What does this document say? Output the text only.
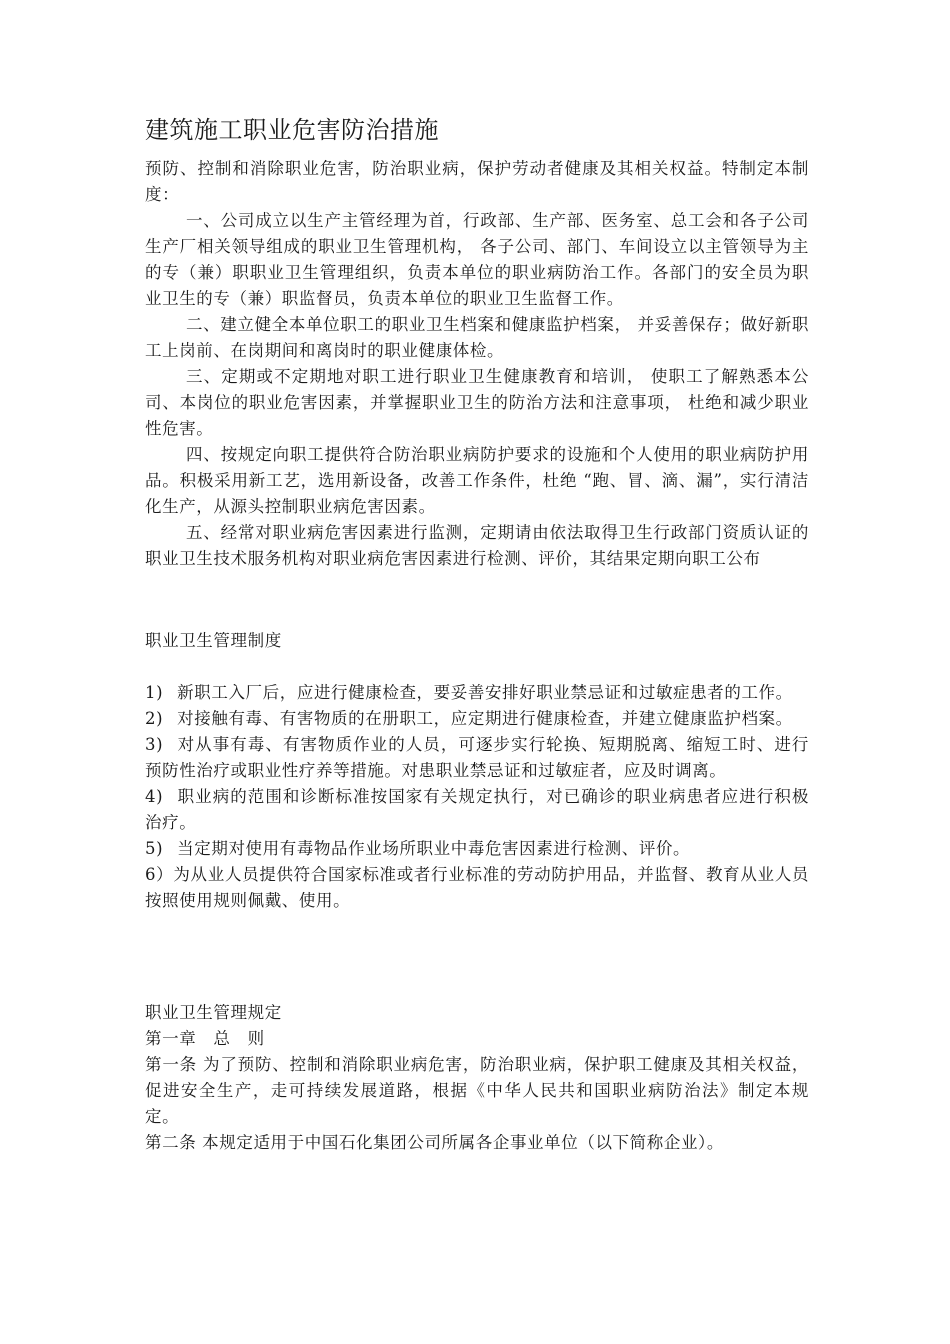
建筑施工职业危害防治措施

预防、控制和消除职业危害，防治职业病，保护劳动者健康及其相关权益。特制定本制度：

一、公司成立以生产主管经理为首，行政部、生产部、医务室、总工会和各子公司生产厂相关领导组成的职业卫生管理机构， 各子公司、部门、车间设立以主管领导为主的专（兼）职职业卫生管理组织，负责本单位的职业病防治工作。各部门的安全员为职业卫生的专（兼）职监督员，负责本单位的职业卫生监督工作。

二、建立健全本单位职工的职业卫生档案和健康监护档案， 并妥善保存；做好新职工上岗前、在岗期间和离岗时的职业健康体检。

三、定期或不定期地对职工进行职业卫生健康教育和培训， 使职工了解熟悉本公司、本岗位的职业危害因素，并掌握职业卫生的防治方法和注意事项， 杜绝和减少职业性危害。

四、按规定向职工提供符合防治职业病防护要求的设施和个人使用的职业病防护用品。积极采用新工艺，选用新设备，改善工作条件，杜绝 “跑、冒、滴、漏”，实行清洁化生产，从源头控制职业病危害因素。

五、经常对职业病危害因素进行监测，定期请由依法取得卫生行政部门资质认证的职业卫生技术服务机构对职业病危害因素进行检测、评价，其结果定期向职工公布

职业卫生管理制度

1) 新职工入厂后，应进行健康检查，要妥善安排好职业禁忌证和过敏症患者的工作。

2) 对接触有毒、有害物质的在册职工，应定期进行健康检查，并建立健康监护档案。

3) 对从事有毒、有害物质作业的人员，可逐步实行轮换、短期脱离、缩短工时、进行预防性治疗或职业性疗养等措施。对患职业禁忌证和过敏症者，应及时调离。

4) 职业病的范围和诊断标准按国家有关规定执行，对已确诊的职业病患者应进行积极治疗。

5) 当定期对使用有毒物品作业场所职业中毒危害因素进行检测、评价。

6）为从业人员提供符合国家标准或者行业标准的劳动防护用品，并监督、教育从业人员按照使用规则佩戴、使用。

职业卫生管理规定

第一章　总　则

第一条 为了预防、控制和消除职业病危害，防治职业病，保护职工健康及其相关权益，促进安全生产，走可持续发展道路，根据《中华人民共和国职业病防治法》制定本规定。

第二条 本规定适用于中国石化集团公司所属各企事业单位（以下简称企业）。
